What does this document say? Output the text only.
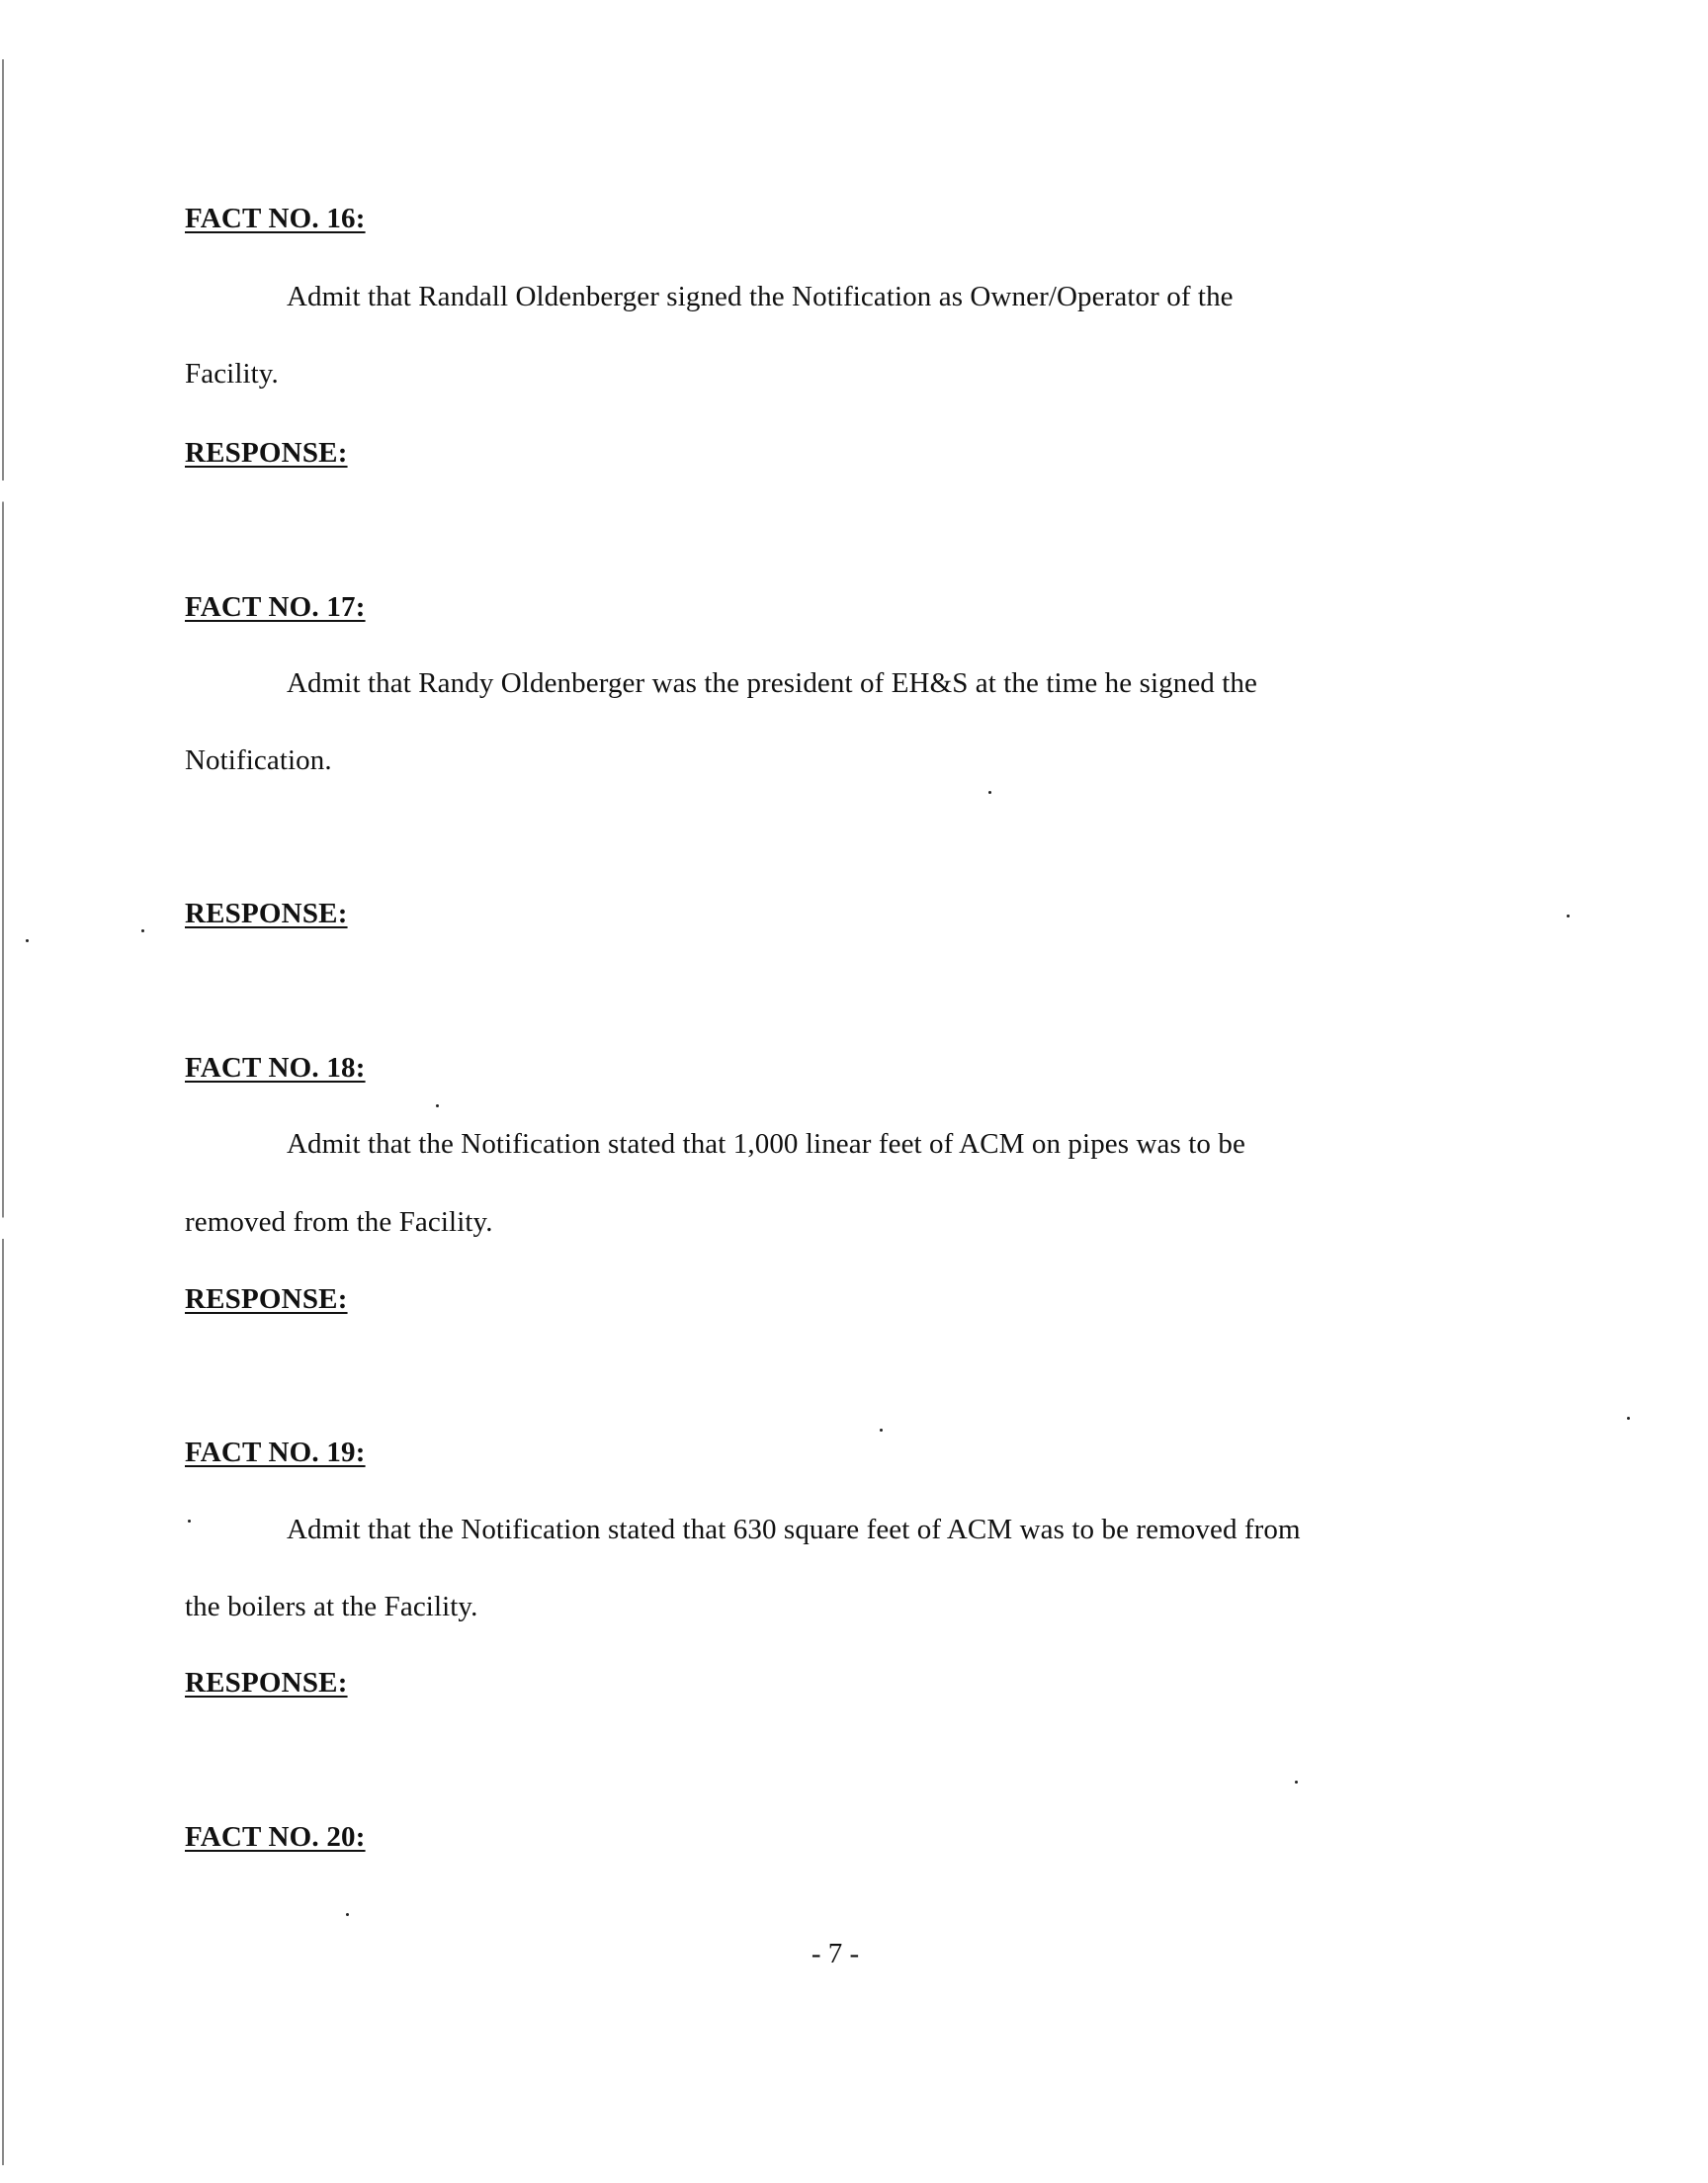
FACT NO. 16:
Admit that Randall Oldenberger signed the Notification as Owner/Operator of the
Facility.
RESPONSE:
FACT NO. 17:
Admit that Randy Oldenberger was the president of EH&S at the time he signed the
Notification.
RESPONSE:
FACT NO. 18:
Admit that the Notification stated that 1,000 linear feet of ACM on pipes was to be
removed from the Facility.
RESPONSE:
FACT NO. 19:
Admit that the Notification stated that 630 square feet of ACM was to be removed from
the boilers at the Facility.
RESPONSE:
FACT NO. 20:
- 7 -
